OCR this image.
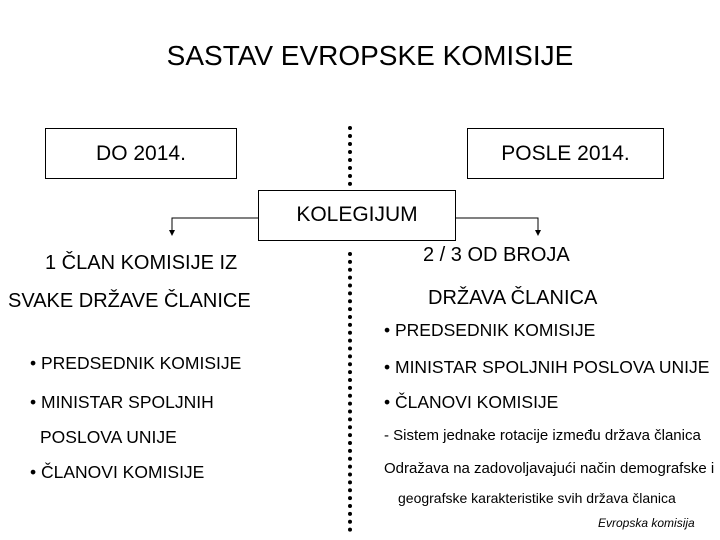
SASTAV EVROPSKE KOMISIJE
DO 2014.	POSLE 2014.
KOLEGIJUM
1 ČLAN KOMISIJE IZ
SVAKE DRŽAVE ČLANICE
• PREDSEDNIK KOMISIJE
• MINISTAR SPOLJNIH
POSLOVA UNIJE
• ČLANOVI KOMISIJE
2 / 3 OD BROJA
DRŽAVA ČLANICA
• PREDSEDNIK KOMISIJE
• MINISTAR SPOLJNIH POSLOVA UNIJE
• ČLANOVI KOMISIJE
- Sistem jednake rotacije između država članica
Odražava na zadovoljavajući način demografske i
geografske karakteristike svih država članica
Evropska komisija
